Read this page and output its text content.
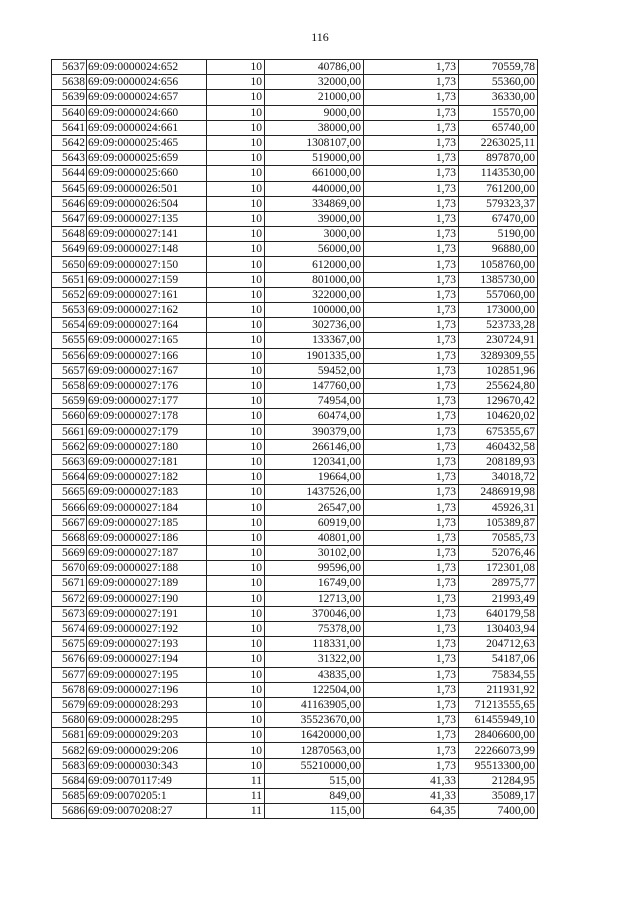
116
5637	69:09:0000024:652	10	40786,00	1,73	70559,78
5638	69:09:0000024:656	10	32000,00	1,73	55360,00
5639	69:09:0000024:657	10	21000,00	1,73	36330,00
5640	69:09:0000024:660	10	9000,00	1,73	15570,00
5641	69:09:0000024:661	10	38000,00	1,73	65740,00
5642	69:09:0000025:465	10	1308107,00	1,73	2263025,11
5643	69:09:0000025:659	10	519000,00	1,73	897870,00
5644	69:09:0000025:660	10	661000,00	1,73	1143530,00
5645	69:09:0000026:501	10	440000,00	1,73	761200,00
5646	69:09:0000026:504	10	334869,00	1,73	579323,37
5647	69:09:0000027:135	10	39000,00	1,73	67470,00
5648	69:09:0000027:141	10	3000,00	1,73	5190,00
5649	69:09:0000027:148	10	56000,00	1,73	96880,00
5650	69:09:0000027:150	10	612000,00	1,73	1058760,00
5651	69:09:0000027:159	10	801000,00	1,73	1385730,00
5652	69:09:0000027:161	10	322000,00	1,73	557060,00
5653	69:09:0000027:162	10	100000,00	1,73	173000,00
5654	69:09:0000027:164	10	302736,00	1,73	523733,28
5655	69:09:0000027:165	10	133367,00	1,73	230724,91
5656	69:09:0000027:166	10	1901335,00	1,73	3289309,55
5657	69:09:0000027:167	10	59452,00	1,73	102851,96
5658	69:09:0000027:176	10	147760,00	1,73	255624,80
5659	69:09:0000027:177	10	74954,00	1,73	129670,42
5660	69:09:0000027:178	10	60474,00	1,73	104620,02
5661	69:09:0000027:179	10	390379,00	1,73	675355,67
5662	69:09:0000027:180	10	266146,00	1,73	460432,58
5663	69:09:0000027:181	10	120341,00	1,73	208189,93
5664	69:09:0000027:182	10	19664,00	1,73	34018,72
5665	69:09:0000027:183	10	1437526,00	1,73	2486919,98
5666	69:09:0000027:184	10	26547,00	1,73	45926,31
5667	69:09:0000027:185	10	60919,00	1,73	105389,87
5668	69:09:0000027:186	10	40801,00	1,73	70585,73
5669	69:09:0000027:187	10	30102,00	1,73	52076,46
5670	69:09:0000027:188	10	99596,00	1,73	172301,08
5671	69:09:0000027:189	10	16749,00	1,73	28975,77
5672	69:09:0000027:190	10	12713,00	1,73	21993,49
5673	69:09:0000027:191	10	370046,00	1,73	640179,58
5674	69:09:0000027:192	10	75378,00	1,73	130403,94
5675	69:09:0000027:193	10	118331,00	1,73	204712,63
5676	69:09:0000027:194	10	31322,00	1,73	54187,06
5677	69:09:0000027:195	10	43835,00	1,73	75834,55
5678	69:09:0000027:196	10	122504,00	1,73	211931,92
5679	69:09:0000028:293	10	41163905,00	1,73	71213555,65
5680	69:09:0000028:295	10	35523670,00	1,73	61455949,10
5681	69:09:0000029:203	10	16420000,00	1,73	28406600,00
5682	69:09:0000029:206	10	12870563,00	1,73	22266073,99
5683	69:09:0000030:343	10	55210000,00	1,73	95513300,00
5684	69:09:0070117:49	11	515,00	41,33	21284,95
5685	69:09:0070205:1	11	849,00	41,33	35089,17
5686	69:09:0070208:27	11	115,00	64,35	7400,00
